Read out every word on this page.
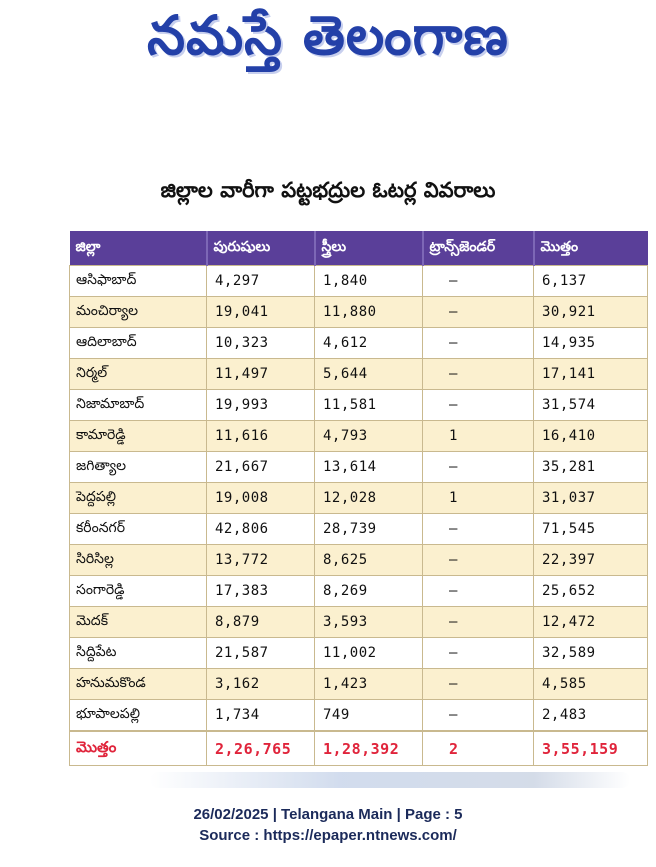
నమస్తే తెలంగాణ
జిల్లాల వారీగా పట్టభద్రుల ఓటర్ల వివరాలు
జిల్లా	పురుషులు	స్త్రీలు	ట్రాన్స్‌జెండర్	మొత్తం
ఆసిఫాబాద్	4,297	1,840	–	6,137
మంచిర్యాల	19,041	11,880	–	30,921
ఆదిలాబాద్	10,323	4,612	–	14,935
నిర్మల్	11,497	5,644	–	17,141
నిజామాబాద్	19,993	11,581	–	31,574
కామారెడ్డి	11,616	4,793	1	16,410
జగిత్యాల	21,667	13,614	–	35,281
పెద్దపల్లి	19,008	12,028	1	31,037
కరీంనగర్	42,806	28,739	–	71,545
సిరిసిల్ల	13,772	8,625	–	22,397
సంగారెడ్డి	17,383	8,269	–	25,652
మెదక్	8,879	3,593	–	12,472
సిద్దిపేట	21,587	11,002	–	32,589
హనుమకొండ	3,162	1,423	–	4,585
భూపాలపల్లి	1,734	749	–	2,483
మొత్తం	2,26,765	1,28,392	2	3,55,159
26/02/2025 | Telangana Main | Page : 5
Source : https://epaper.ntnews.com/
